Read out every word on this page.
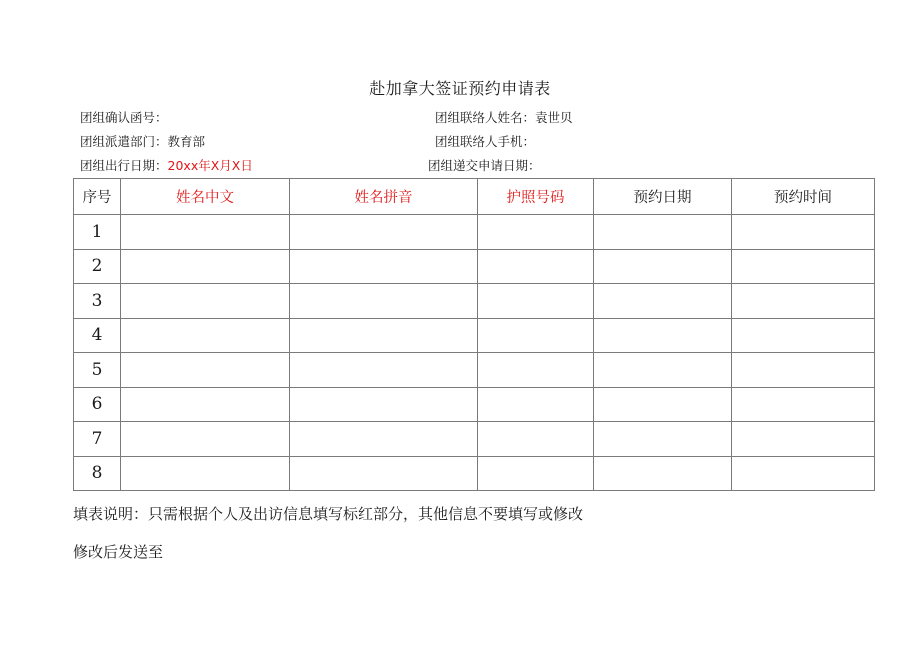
赴加拿大签证预约申请表
团组确认函号：	团组联络人姓名：袁世贝
团组派遣部门：教育部	团组联络人手机：
团组出行日期：20xx年X月X日	团组递交申请日期：
序号	姓名中文	姓名拼音	护照号码	预约日期	预约时间
1					
2					
3					
4					
5					
6					
7					
8					
填表说明：只需根据个人及出访信息填写标红部分，其他信息不要填写或修改
修改后发送至
